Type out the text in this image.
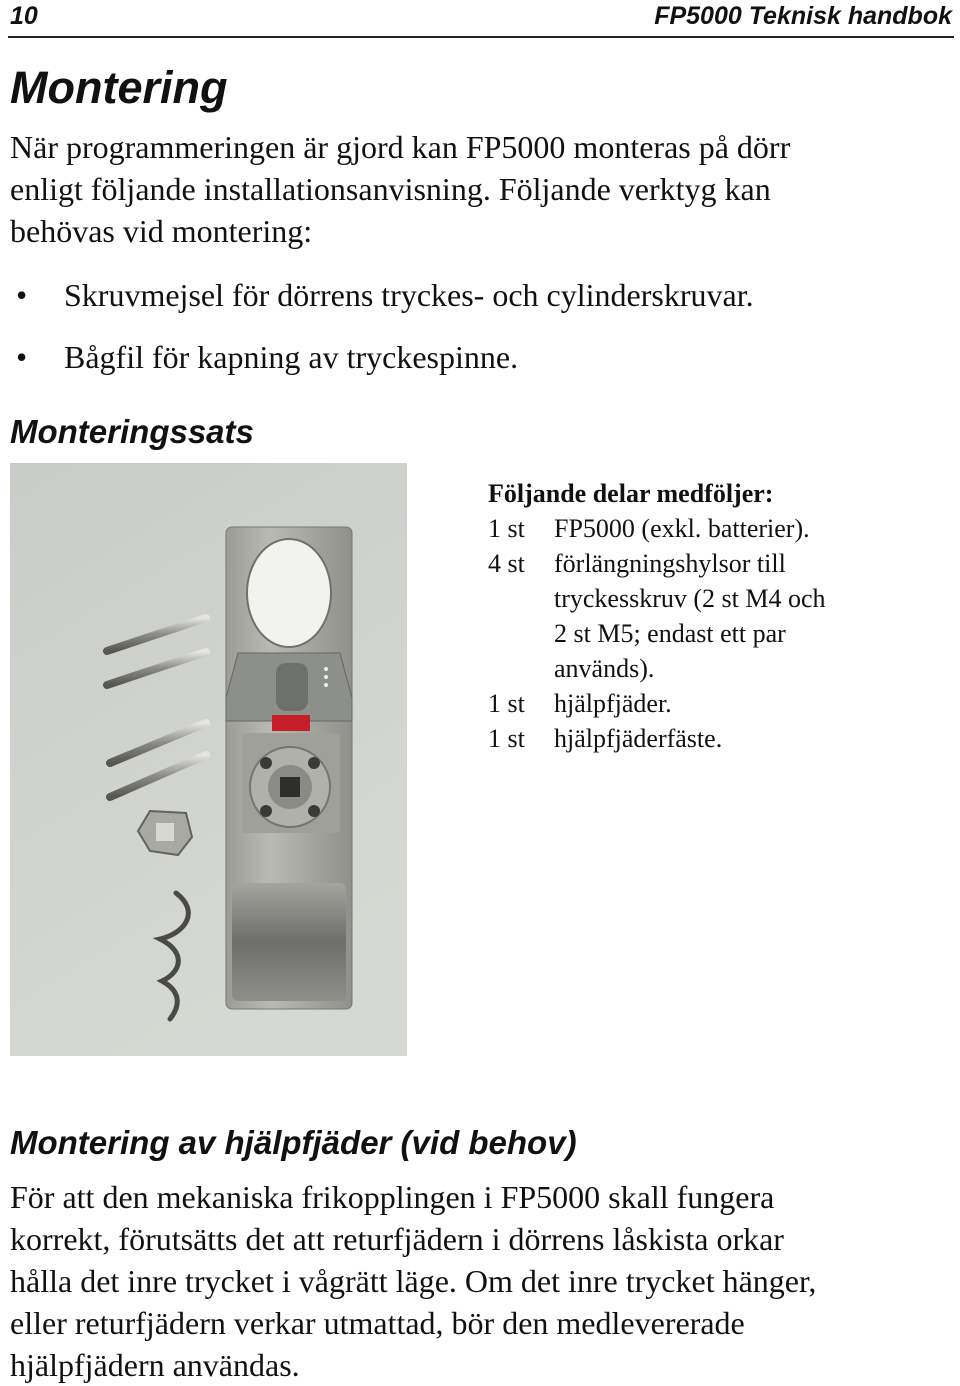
10	FP5000 Teknisk handbok
Montering
När programmeringen är gjord kan FP5000 monteras på dörr
enligt följande installationsanvisning. Följande verktyg kan
behövas vid montering:
• Skruvmejsel för dörrens tryckes- och cylinderskruvar.
• Bågfil för kapning av tryckespinne.
Monteringssats
Följande delar medföljer:
1 st	FP5000 (exkl. batterier).
4 st	förlängningshylsor till
tryckesskruv (2 st M4 och
2 st M5; endast ett par
används).
1 st	hjälpfjäder.
1 st	hjälpfjäderfäste.
Montering av hjälpfjäder (vid behov)
För att den mekaniska frikopplingen i FP5000 skall fungera
korrekt, förutsätts det att returfjädern i dörrens låskista orkar
hålla det inre trycket i vågrätt läge. Om det inre trycket hänger,
eller returfjädern verkar utmattad, bör den medlevererade
hjälpfjädern användas.
